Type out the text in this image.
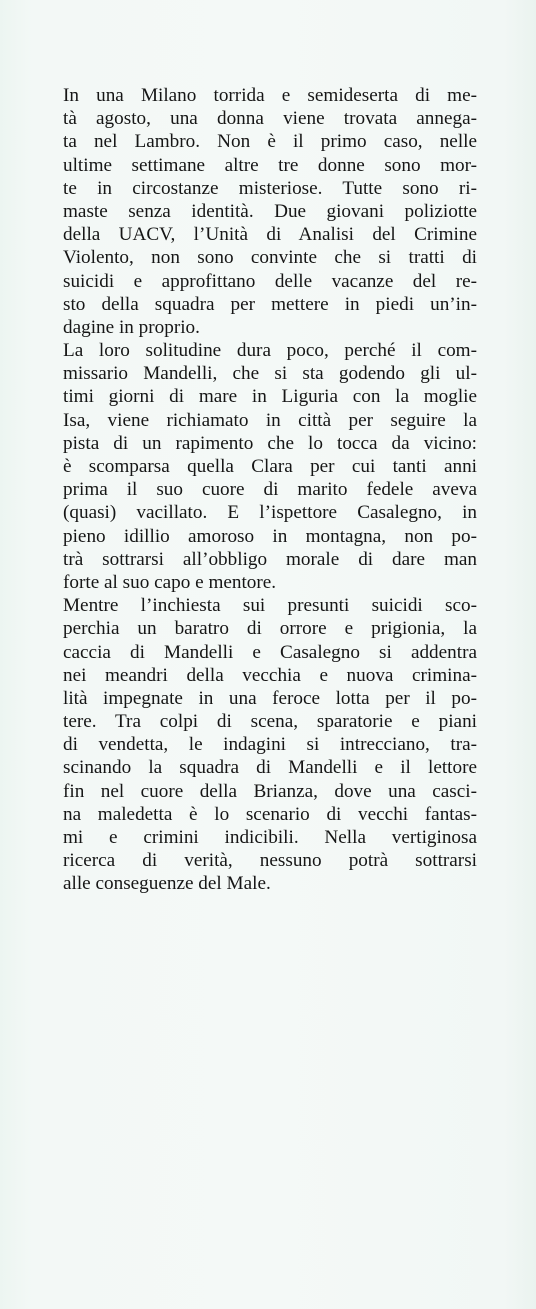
In una Milano torrida e semideserta di me-
tà agosto, una donna viene trovata annega-
ta nel Lambro. Non è il primo caso, nelle
ultime settimane altre tre donne sono mor-
te in circostanze misteriose. Tutte sono ri-
maste senza identità. Due giovani poliziotte
della UACV, l’Unità di Analisi del Crimine
Violento, non sono convinte che si tratti di
suicidi e approfittano delle vacanze del re-
sto della squadra per mettere in piedi un’in-
dagine in proprio.
La loro solitudine dura poco, perché il com-
missario Mandelli, che si sta godendo gli ul-
timi giorni di mare in Liguria con la moglie
Isa, viene richiamato in città per seguire la
pista di un rapimento che lo tocca da vicino:
è scomparsa quella Clara per cui tanti anni
prima il suo cuore di marito fedele aveva
(quasi) vacillato. E l’ispettore Casalegno, in
pieno idillio amoroso in montagna, non po-
trà sottrarsi all’obbligo morale di dare man
forte al suo capo e mentore.
Mentre l’inchiesta sui presunti suicidi sco-
perchia un baratro di orrore e prigionia, la
caccia di Mandelli e Casalegno si addentra
nei meandri della vecchia e nuova crimina-
lità impegnate in una feroce lotta per il po-
tere. Tra colpi di scena, sparatorie e piani
di vendetta, le indagini si intrecciano, tra-
scinando la squadra di Mandelli e il lettore
fin nel cuore della Brianza, dove una casci-
na maledetta è lo scenario di vecchi fantas-
mi e crimini indicibili. Nella vertiginosa
ricerca di verità, nessuno potrà sottrarsi
alle conseguenze del Male.
